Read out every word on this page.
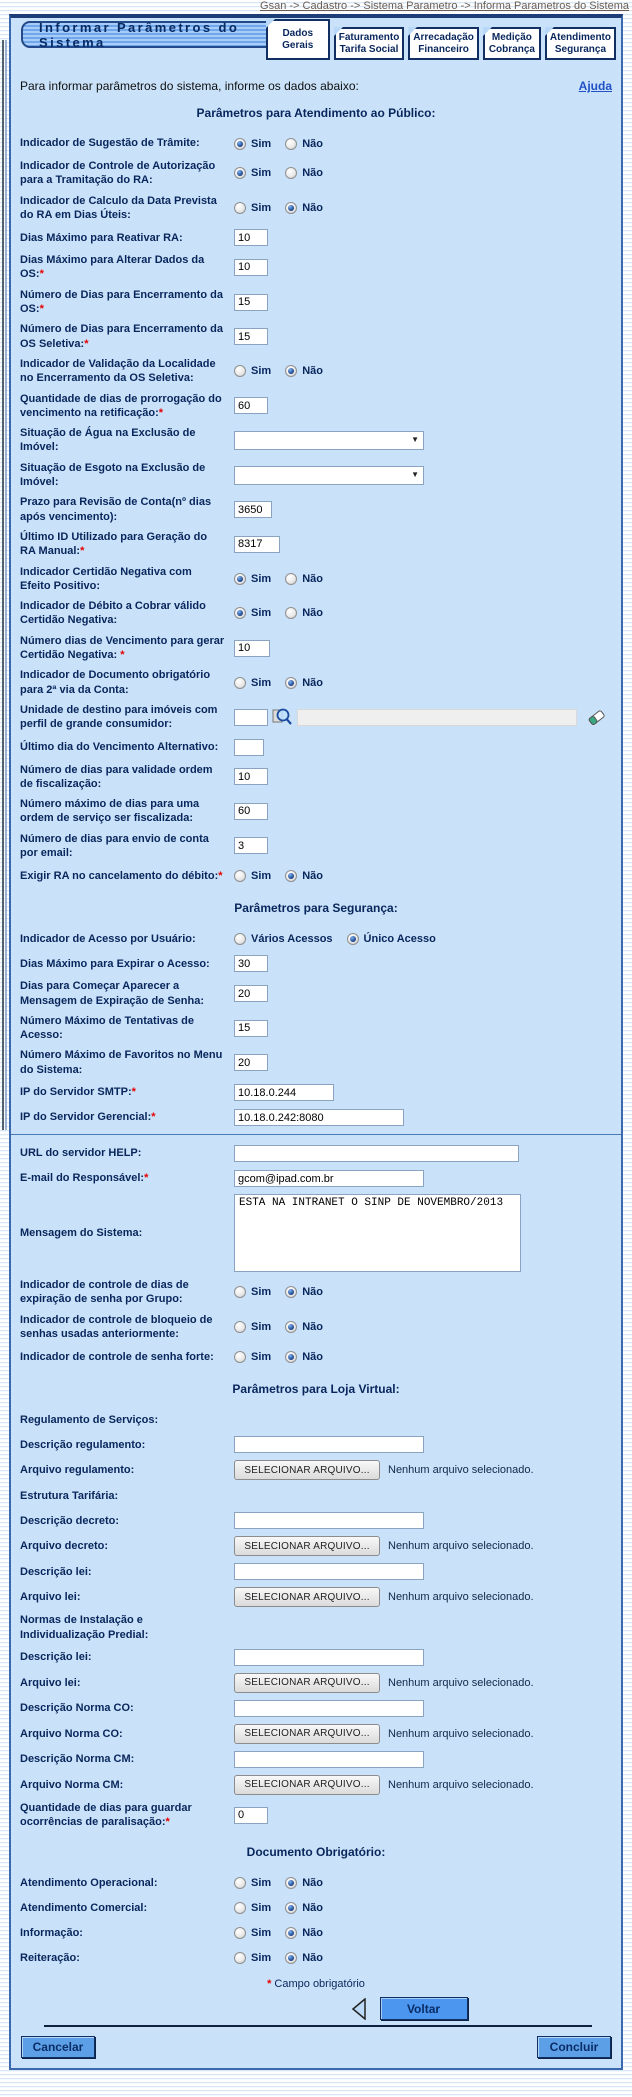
Gsan -> Cadastro -> Sistema Parametro -> Informa Parametros do Sistema
Informar Parâmetros do Sistema
Dados
Gerais
Faturamento
Tarifa Social
Arrecadação
Financeiro
Medição
Cobrança
Atendimento
Segurança
Para informar parâmetros do sistema, informe os dados abaixo:	Ajuda
Parâmetros para Atendimento ao Público:
Indicador de Sugestão de Trâmite:	Sim	Não
Indicador de Controle de Autorização para a Tramitação do RA:
Sim	Não
Indicador de Calculo da Data Prevista do RA em Dias Úteis:
Sim	Não
Dias Máximo para Reativar RA:
10
Dias Máximo para Alterar Dados da OS:*
10
Número de Dias para Encerramento da OS:*
15
Número de Dias para Encerramento da OS Seletiva:*
15
Indicador de Validação da Localidade no Encerramento da OS Seletiva:
Sim	Não
Quantidade de dias de prorrogação do vencimento na retificação:*
60
Situação de Água na Exclusão de Imóvel:
▼
Situação de Esgoto na Exclusão de Imóvel:
▼
Prazo para Revisão de Conta(nº dias após vencimento):
3650
Último ID Utilizado para Geração do RA Manual:*
8317
Indicador Certidão Negativa com Efeito Positivo:
Sim	Não
Indicador de Débito a Cobrar válido Certidão Negativa:
Sim	Não
Número dias de Vencimento para gerar Certidão Negativa: *
10
Indicador de Documento obrigatório para 2ª via da Conta:
Sim	Não
Unidade de destino para imóveis com perfil de grande consumidor:
Último dia do Vencimento Alternativo:
Número de dias para validade ordem de fiscalização:
10
Número máximo de dias para uma ordem de serviço ser fiscalizada:
60
Número de dias para envio de conta por email:
3
Exigir RA no cancelamento do débito:*	Sim	Não
Parâmetros para Segurança:
Indicador de Acesso por Usuário:	Vários Acessos	Único Acesso
Dias Máximo para Expirar o Acesso:
30
Dias para Começar Aparecer a Mensagem de Expiração de Senha:
20
Número Máximo de Tentativas de Acesso:
15
Número Máximo de Favoritos no Menu do Sistema:
20
IP do Servidor SMTP:*
10.18.0.244
IP do Servidor Gerencial:*
10.18.0.242:8080
URL do servidor HELP:
E-mail do Responsável:*
gcom@ipad.com.br
Mensagem do Sistema:
ESTA NA INTRANET O SINP DE NOVEMBRO/2013
Indicador de controle de dias de expiração de senha por Grupo:
Sim	Não
Indicador de controle de bloqueio de senhas usadas anteriormente:
Sim	Não
Indicador de controle de senha forte:	Sim	Não
Parâmetros para Loja Virtual:
Regulamento de Serviços:
Descrição regulamento:
Arquivo regulamento:	SELECIONAR ARQUIVO...	Nenhum arquivo selecionado.
Estrutura Tarifária:
Descrição decreto:
Arquivo decreto:	SELECIONAR ARQUIVO...	Nenhum arquivo selecionado.
Descrição lei:
Arquivo lei:	SELECIONAR ARQUIVO...	Nenhum arquivo selecionado.
Normas de Instalação e Individualização Predial:
Descrição lei:
Arquivo lei:	SELECIONAR ARQUIVO...	Nenhum arquivo selecionado.
Descrição Norma CO:
Arquivo Norma CO:	SELECIONAR ARQUIVO...	Nenhum arquivo selecionado.
Descrição Norma CM:
Arquivo Norma CM:	SELECIONAR ARQUIVO...	Nenhum arquivo selecionado.
Quantidade de dias para guardar ocorrências de paralisação:*
0
Documento Obrigatório:
Atendimento Operacional:	Sim	Não
Atendimento Comercial:	Sim	Não
Informação:	Sim	Não
Reiteração:	Sim	Não
* Campo obrigatório
Voltar
Cancelar	Concluir
